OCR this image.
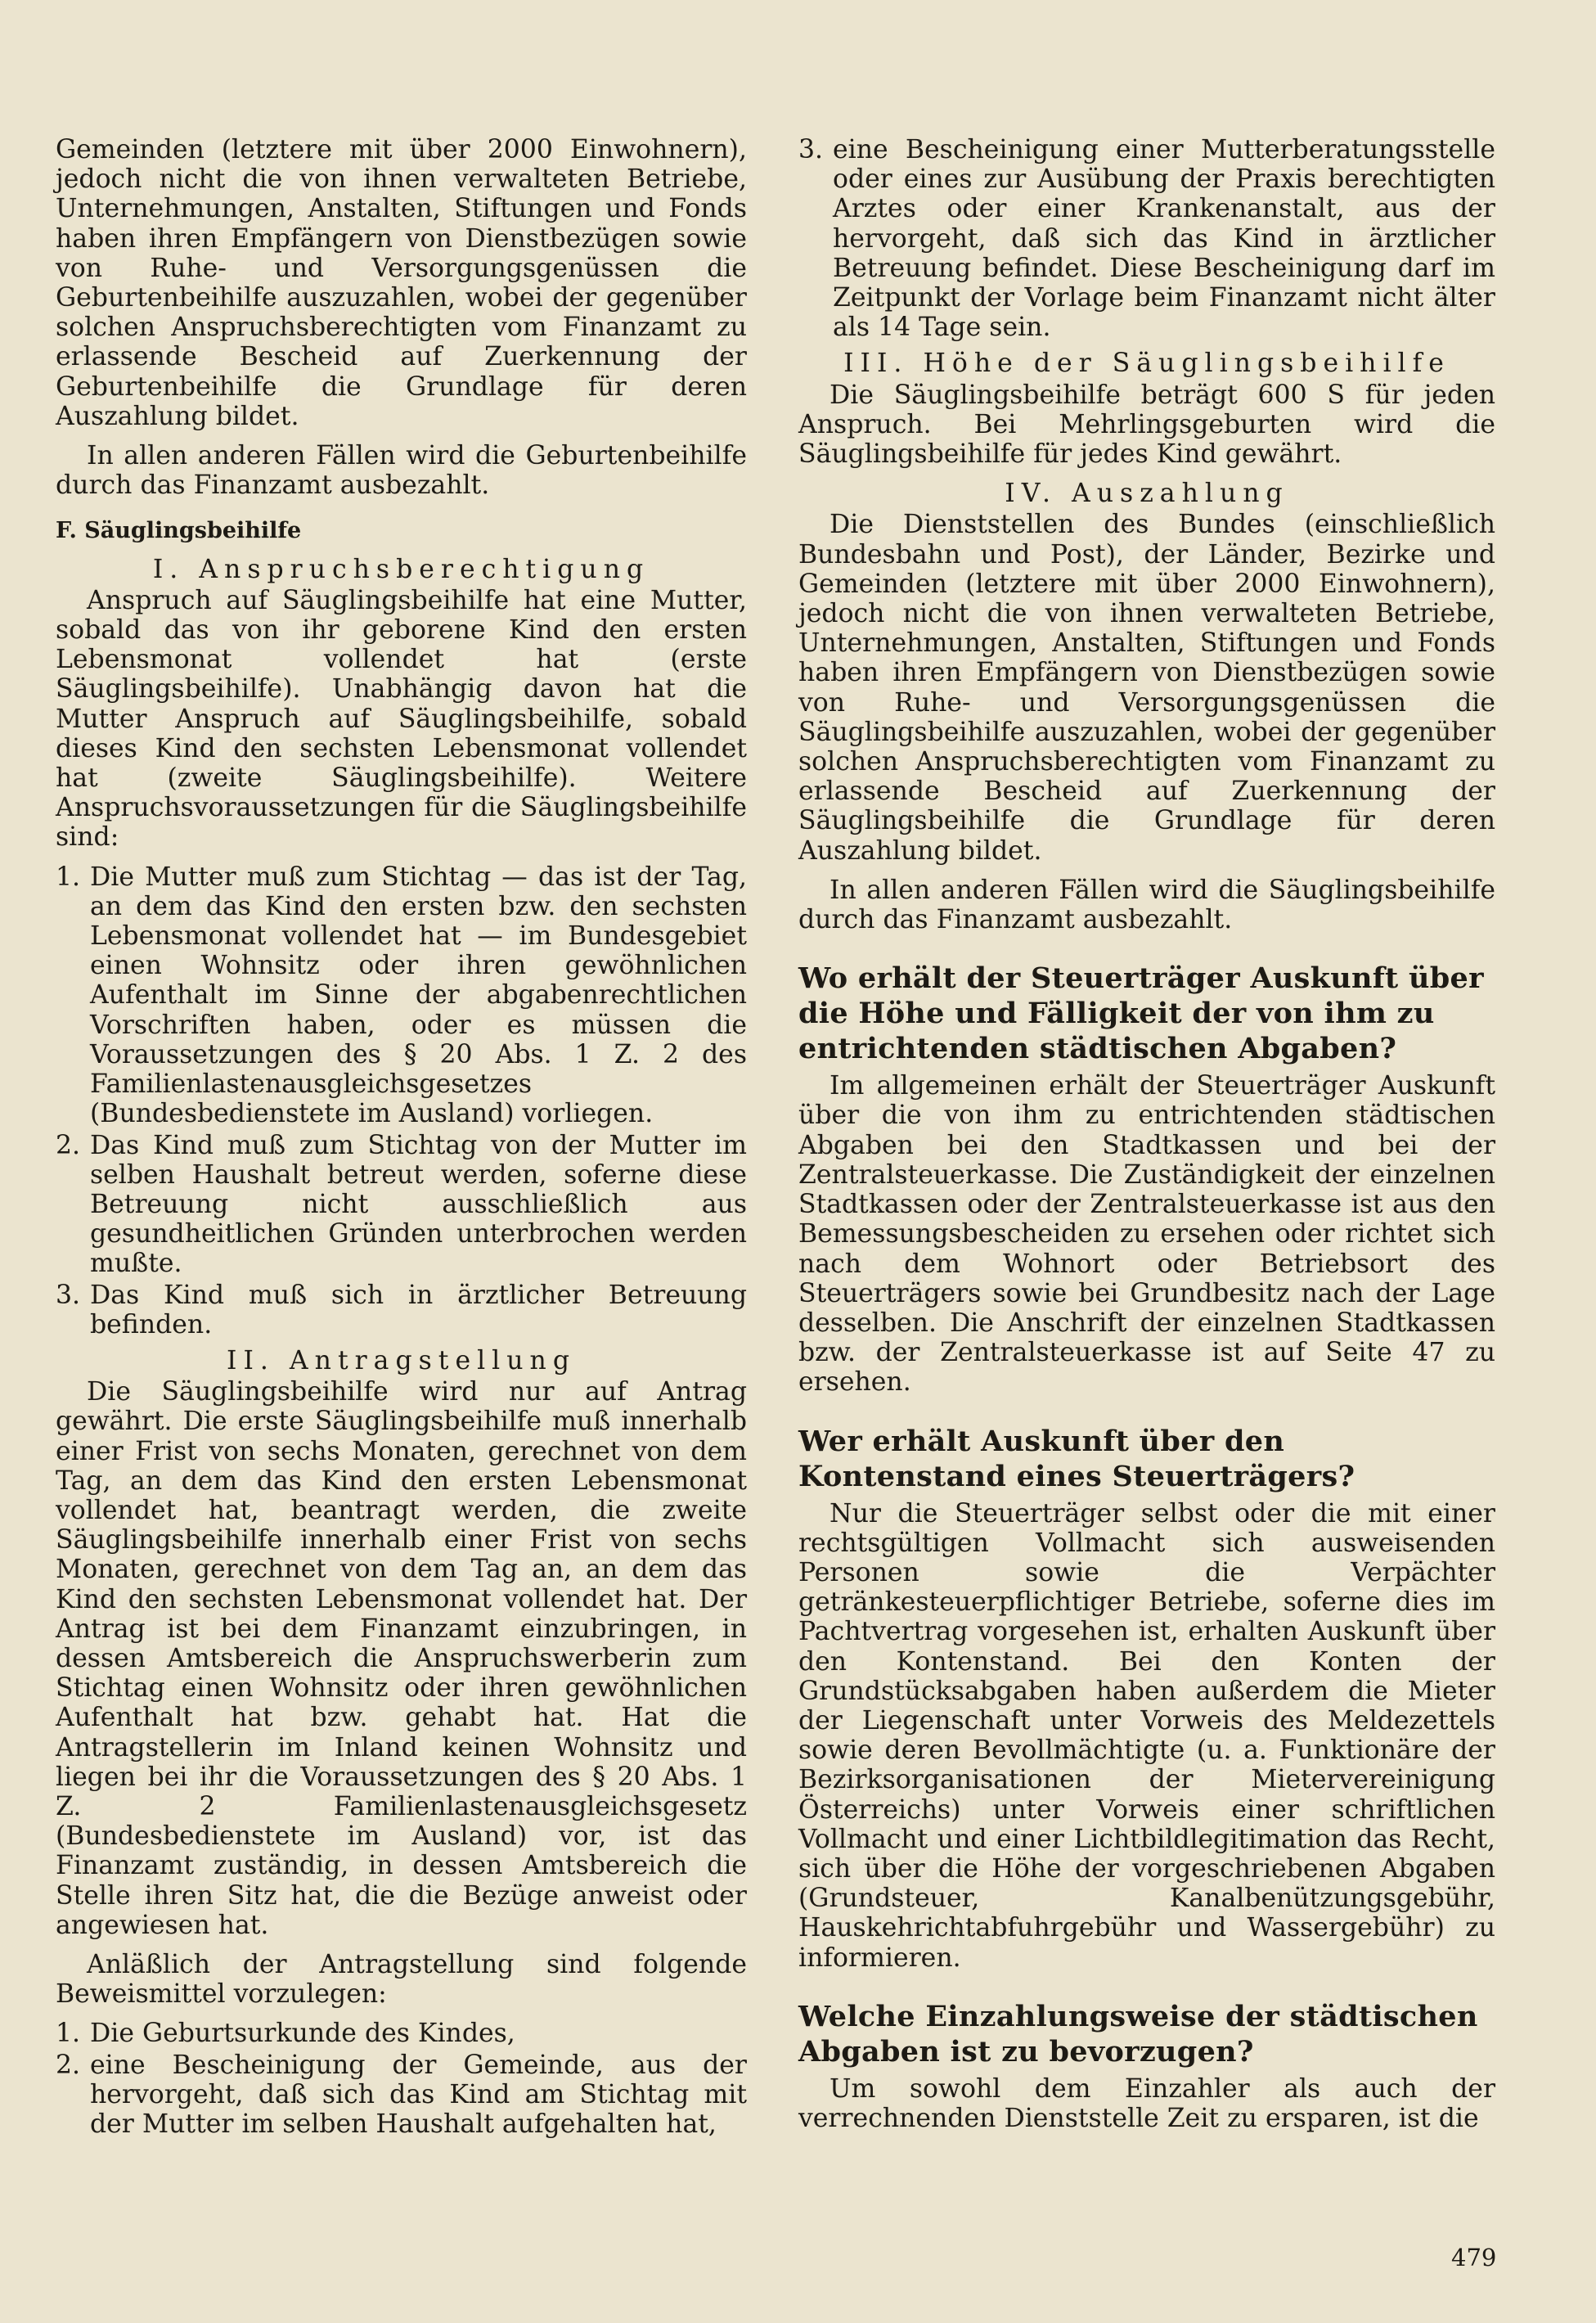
Gemeinden (letztere mit über 2000 Einwohnern), jedoch nicht die von ihnen verwalteten Betriebe, Unternehmungen, Anstalten, Stiftungen und Fonds haben ihren Empfängern von Dienstbezügen sowie von Ruhe- und Versorgungsgenüssen die Geburtenbeihilfe auszuzahlen, wobei der gegenüber solchen Anspruchsberechtigten vom Finanzamt zu erlassende Bescheid auf Zuerkennung der Geburtenbeihilfe die Grundlage für deren Auszahlung bildet.

In allen anderen Fällen wird die Geburtenbeihilfe durch das Finanzamt ausbezahlt.

F. Säuglingsbeihilfe

I. Anspruchsberechtigung

Anspruch auf Säuglingsbeihilfe hat eine Mutter, sobald das von ihr geborene Kind den ersten Lebensmonat vollendet hat (erste Säuglingsbeihilfe). Unabhängig davon hat die Mutter Anspruch auf Säuglingsbeihilfe, sobald dieses Kind den sechsten Lebensmonat vollendet hat (zweite Säuglingsbeihilfe). Weitere Anspruchsvoraussetzungen für die Säuglingsbeihilfe sind:

1. Die Mutter muß zum Stichtag — das ist der Tag, an dem das Kind den ersten bzw. den sechsten Lebensmonat vollendet hat — im Bundesgebiet einen Wohnsitz oder ihren gewöhnlichen Aufenthalt im Sinne der abgabenrechtlichen Vorschriften haben, oder es müssen die Voraussetzungen des § 20 Abs. 1 Z. 2 des Familienlastenausgleichsgesetzes (Bundesbedienstete im Ausland) vorliegen.
2. Das Kind muß zum Stichtag von der Mutter im selben Haushalt betreut werden, soferne diese Betreuung nicht ausschließlich aus gesundheitlichen Gründen unterbrochen werden mußte.
3. Das Kind muß sich in ärztlicher Betreuung befinden.

II. Antragstellung

Die Säuglingsbeihilfe wird nur auf Antrag gewährt. Die erste Säuglingsbeihilfe muß innerhalb einer Frist von sechs Monaten, gerechnet von dem Tag, an dem das Kind den ersten Lebensmonat vollendet hat, beantragt werden, die zweite Säuglingsbeihilfe innerhalb einer Frist von sechs Monaten, gerechnet von dem Tag an, an dem das Kind den sechsten Lebensmonat vollendet hat. Der Antrag ist bei dem Finanzamt einzubringen, in dessen Amtsbereich die Anspruchswerberin zum Stichtag einen Wohnsitz oder ihren gewöhnlichen Aufenthalt hat bzw. gehabt hat. Hat die Antragstellerin im Inland keinen Wohnsitz und liegen bei ihr die Voraussetzungen des § 20 Abs. 1 Z. 2 Familienlastenausgleichsgesetz (Bundesbedienstete im Ausland) vor, ist das Finanzamt zuständig, in dessen Amtsbereich die Stelle ihren Sitz hat, die die Bezüge anweist oder angewiesen hat.

Anläßlich der Antragstellung sind folgende Beweismittel vorzulegen:

1. Die Geburtsurkunde des Kindes,
2. eine Bescheinigung der Gemeinde, aus der hervorgeht, daß sich das Kind am Stichtag mit der Mutter im selben Haushalt aufgehalten hat,
3. eine Bescheinigung einer Mutterberatungsstelle oder eines zur Ausübung der Praxis berechtigten Arztes oder einer Krankenanstalt, aus der hervorgeht, daß sich das Kind in ärztlicher Betreuung befindet. Diese Bescheinigung darf im Zeitpunkt der Vorlage beim Finanzamt nicht älter als 14 Tage sein.

III. Höhe der Säuglingsbeihilfe

Die Säuglingsbeihilfe beträgt 600 S für jeden Anspruch. Bei Mehrlingsgeburten wird die Säuglingsbeihilfe für jedes Kind gewährt.

IV. Auszahlung

Die Dienststellen des Bundes (einschließlich Bundesbahn und Post), der Länder, Bezirke und Gemeinden (letztere mit über 2000 Einwohnern), jedoch nicht die von ihnen verwalteten Betriebe, Unternehmungen, Anstalten, Stiftungen und Fonds haben ihren Empfängern von Dienstbezügen sowie von Ruhe- und Versorgungsgenüssen die Säuglingsbeihilfe auszuzahlen, wobei der gegenüber solchen Anspruchsberechtigten vom Finanzamt zu erlassende Bescheid auf Zuerkennung der Säuglingsbeihilfe die Grundlage für deren Auszahlung bildet.

In allen anderen Fällen wird die Säuglingsbeihilfe durch das Finanzamt ausbezahlt.

Wo erhält der Steuerträger Auskunft über die Höhe und Fälligkeit der von ihm zu entrichtenden städtischen Abgaben?

Im allgemeinen erhält der Steuerträger Auskunft über die von ihm zu entrichtenden städtischen Abgaben bei den Stadtkassen und bei der Zentralsteuerkasse. Die Zuständigkeit der einzelnen Stadtkassen oder der Zentralsteuerkasse ist aus den Bemessungsbescheiden zu ersehen oder richtet sich nach dem Wohnort oder Betriebsort des Steuerträgers sowie bei Grundbesitz nach der Lage desselben. Die Anschrift der einzelnen Stadtkassen bzw. der Zentralsteuerkasse ist auf Seite 47 zu ersehen.

Wer erhält Auskunft über den Kontenstand eines Steuerträgers?

Nur die Steuerträger selbst oder die mit einer rechtsgültigen Vollmacht sich ausweisenden Personen sowie die Verpächter getränkesteuerpflichtiger Betriebe, soferne dies im Pachtvertrag vorgesehen ist, erhalten Auskunft über den Kontenstand. Bei den Konten der Grundstücksabgaben haben außerdem die Mieter der Liegenschaft unter Vorweis des Meldezettels sowie deren Bevollmächtigte (u. a. Funktionäre der Bezirksorganisationen der Mietervereinigung Österreichs) unter Vorweis einer schriftlichen Vollmacht und einer Lichtbildlegitimation das Recht, sich über die Höhe der vorgeschriebenen Abgaben (Grundsteuer, Kanalbenützungsgebühr, Hauskehrichtabfuhrgebühr und Wassergebühr) zu informieren.

Welche Einzahlungsweise der städtischen Abgaben ist zu bevorzugen?

Um sowohl dem Einzahler als auch der verrechnenden Dienststelle Zeit zu ersparen, ist die

479
